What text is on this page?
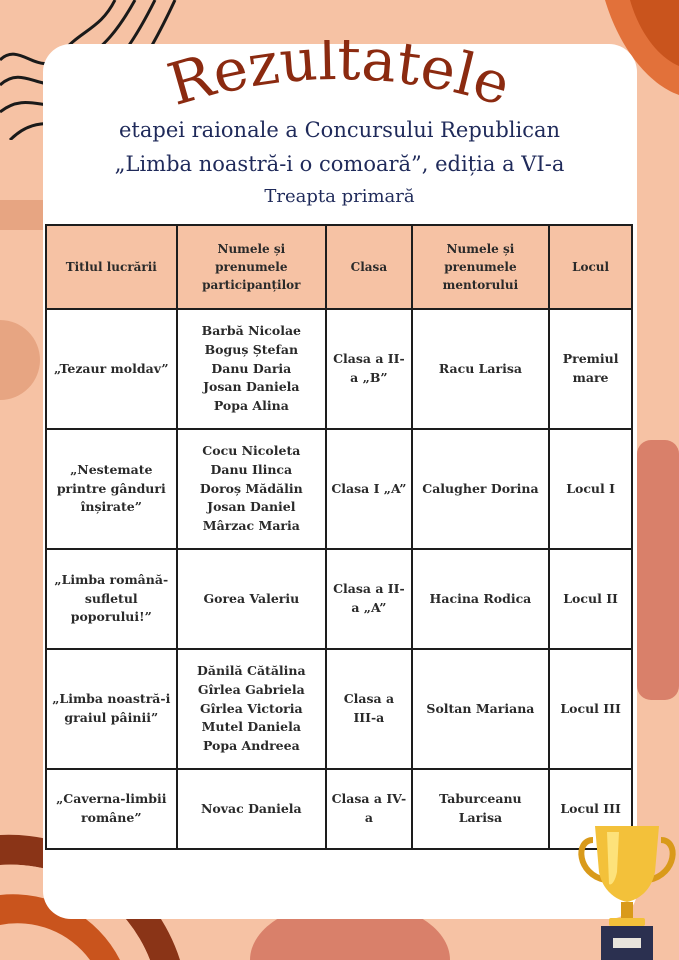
Rezultatele
etapei raionale a Concursului Republican
„Limba noastră-i o comoară”, ediția a VI-a
Treapta primară
Titlul lucrării	Numele și prenumele participanților	Clasa	Numele și prenumele mentorului	Locul
„Tezaur moldav”	Barbă Nicolae
Boguș Ștefan
Danu Daria
Josan Daniela
Popa Alina	Clasa a II-a „B”	Racu Larisa	Premiul mare
„Nestemate printre gânduri înșirate”	Cocu Nicoleta
Danu Ilinca
Doroș Mădălin
Josan Daniel
Mârzac Maria	Clasa I „A”	Calugher Dorina	Locul I
„Limba română-sufletul poporului!”	Gorea Valeriu	Clasa a II-a „A”	Hacina Rodica	Locul II
„Limba noastră-i graiul pâinii”	Dănilă Cătălina
Gîrlea Gabriela
Gîrlea Victoria
Mutel Daniela
Popa Andreea	Clasa a III-a	Soltan Mariana	Locul III
„Caverna-limbii române”	Novac Daniela	Clasa a IV-a	Taburceanu Larisa	Locul III
